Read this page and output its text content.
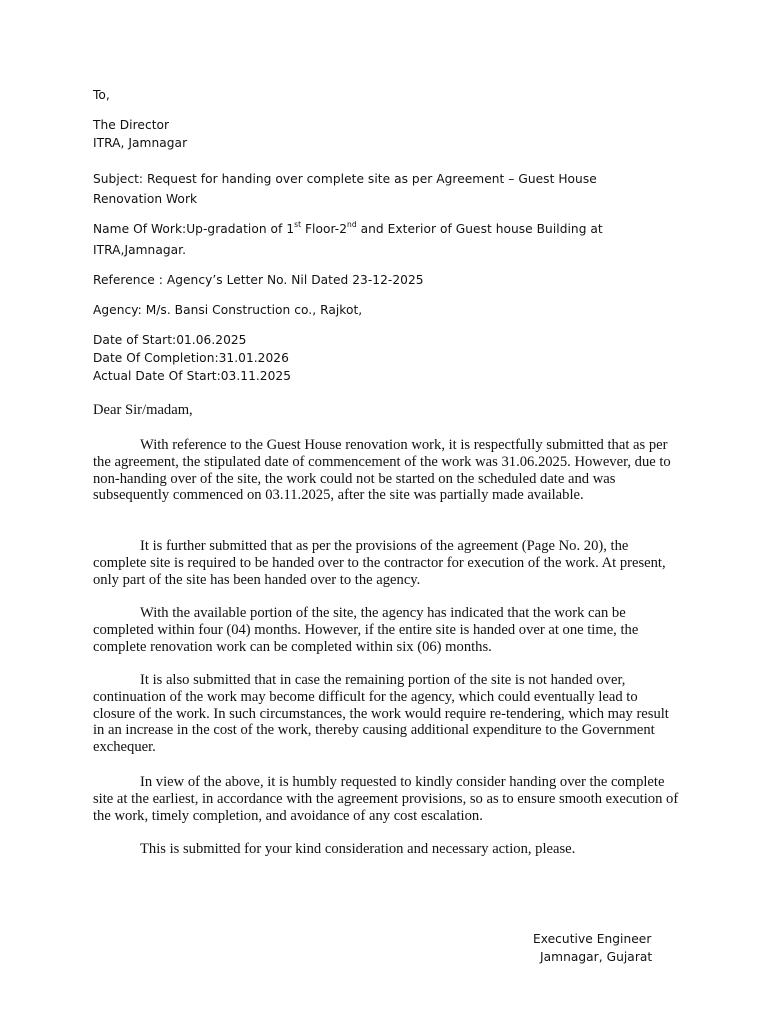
To,

The Director

ITRA, Jamnagar

Subject: Request for handing over complete site as per Agreement – Guest House

Renovation Work

Name Of Work:Up-gradation of 1st Floor-2nd and Exterior of Guest house Building at

ITRA,Jamnagar.

Reference : Agency’s Letter No. Nil Dated 23-12-2025

Agency: M/s. Bansi Construction co., Rajkot,

Date of Start:01.06.2025

Date Of Completion:31.01.2026

Actual Date Of Start:03.11.2025

Dear Sir/madam,

With reference to the Guest House renovation work, it is respectfully submitted that as per the agreement, the stipulated date of commencement of the work was 31.06.2025. However, due to non-handing over of the site, the work could not be started on the scheduled date and was subsequently commenced on 03.11.2025, after the site was partially made available.

It is further submitted that as per the provisions of the agreement (Page No. 20), the complete site is required to be handed over to the contractor for execution of the work. At present, only part of the site has been handed over to the agency.

With the available portion of the site, the agency has indicated that the work can be completed within four (04) months. However, if the entire site is handed over at one time, the complete renovation work can be completed within six (06) months.

It is also submitted that in case the remaining portion of the site is not handed over, continuation of the work may become difficult for the agency, which could eventually lead to closure of the work. In such circumstances, the work would require re-tendering, which may result in an increase in the cost of the work, thereby causing additional expenditure to the Government exchequer.

In view of the above, it is humbly requested to kindly consider handing over the complete site at the earliest, in accordance with the agreement provisions, so as to ensure smooth execution of the work, timely completion, and avoidance of any cost escalation.

This is submitted for your kind consideration and necessary action, please.

Executive Engineer

Jamnagar, Gujarat
